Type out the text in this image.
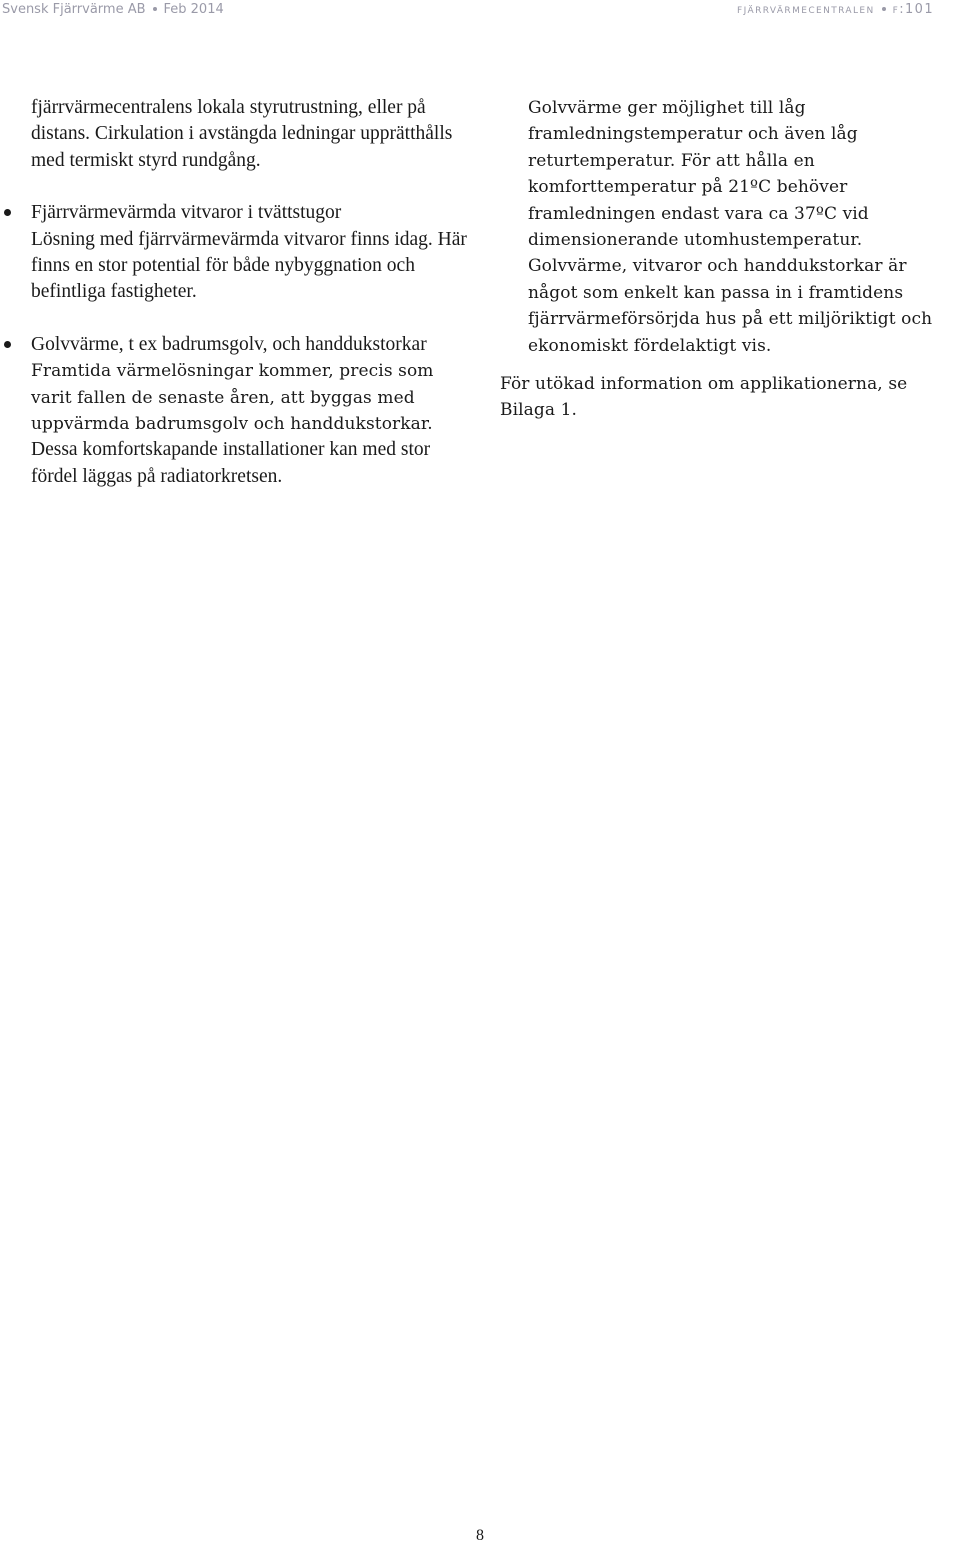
Svensk Fjärrvärme AB Feb 2014	fjärrvärmecentralen f:101

fjärrvärmecentralens lokala styrutrustning, eller på distans. Cirkulation i avstängda ledningar upprätthålls med termiskt styrd rundgång.

Fjärrvärmevärmda vitvaror i tvättstugor

Lösning med fjärrvärmevärmda vitvaror finns idag. Här finns en stor potential för både nybyggnation och befintliga fastigheter.

Golvvärme, t ex badrumsgolv, och handdukstorkar

Framtida värmelösningar kommer, precis som varit fallen de senaste åren, att byggas med uppvärmda badrumsgolv och handdukstorkar.

Dessa komfortskapande installationer kan med stor fördel läggas på radiatorkretsen.

Golvvärme ger möjlighet till låg framledningstemperatur och även låg returtemperatur. För att hålla en komforttemperatur på 21ºC behöver framledningen endast vara ca 37ºC vid dimensionerande utomhustemperatur. Golvvärme, vitvaror och handdukstorkar är något som enkelt kan passa in i framtidens fjärrvärmeförsörjda hus på ett miljöriktigt och ekonomiskt fördelaktigt vis.

För utökad information om applikationerna, se Bilaga 1.

8
